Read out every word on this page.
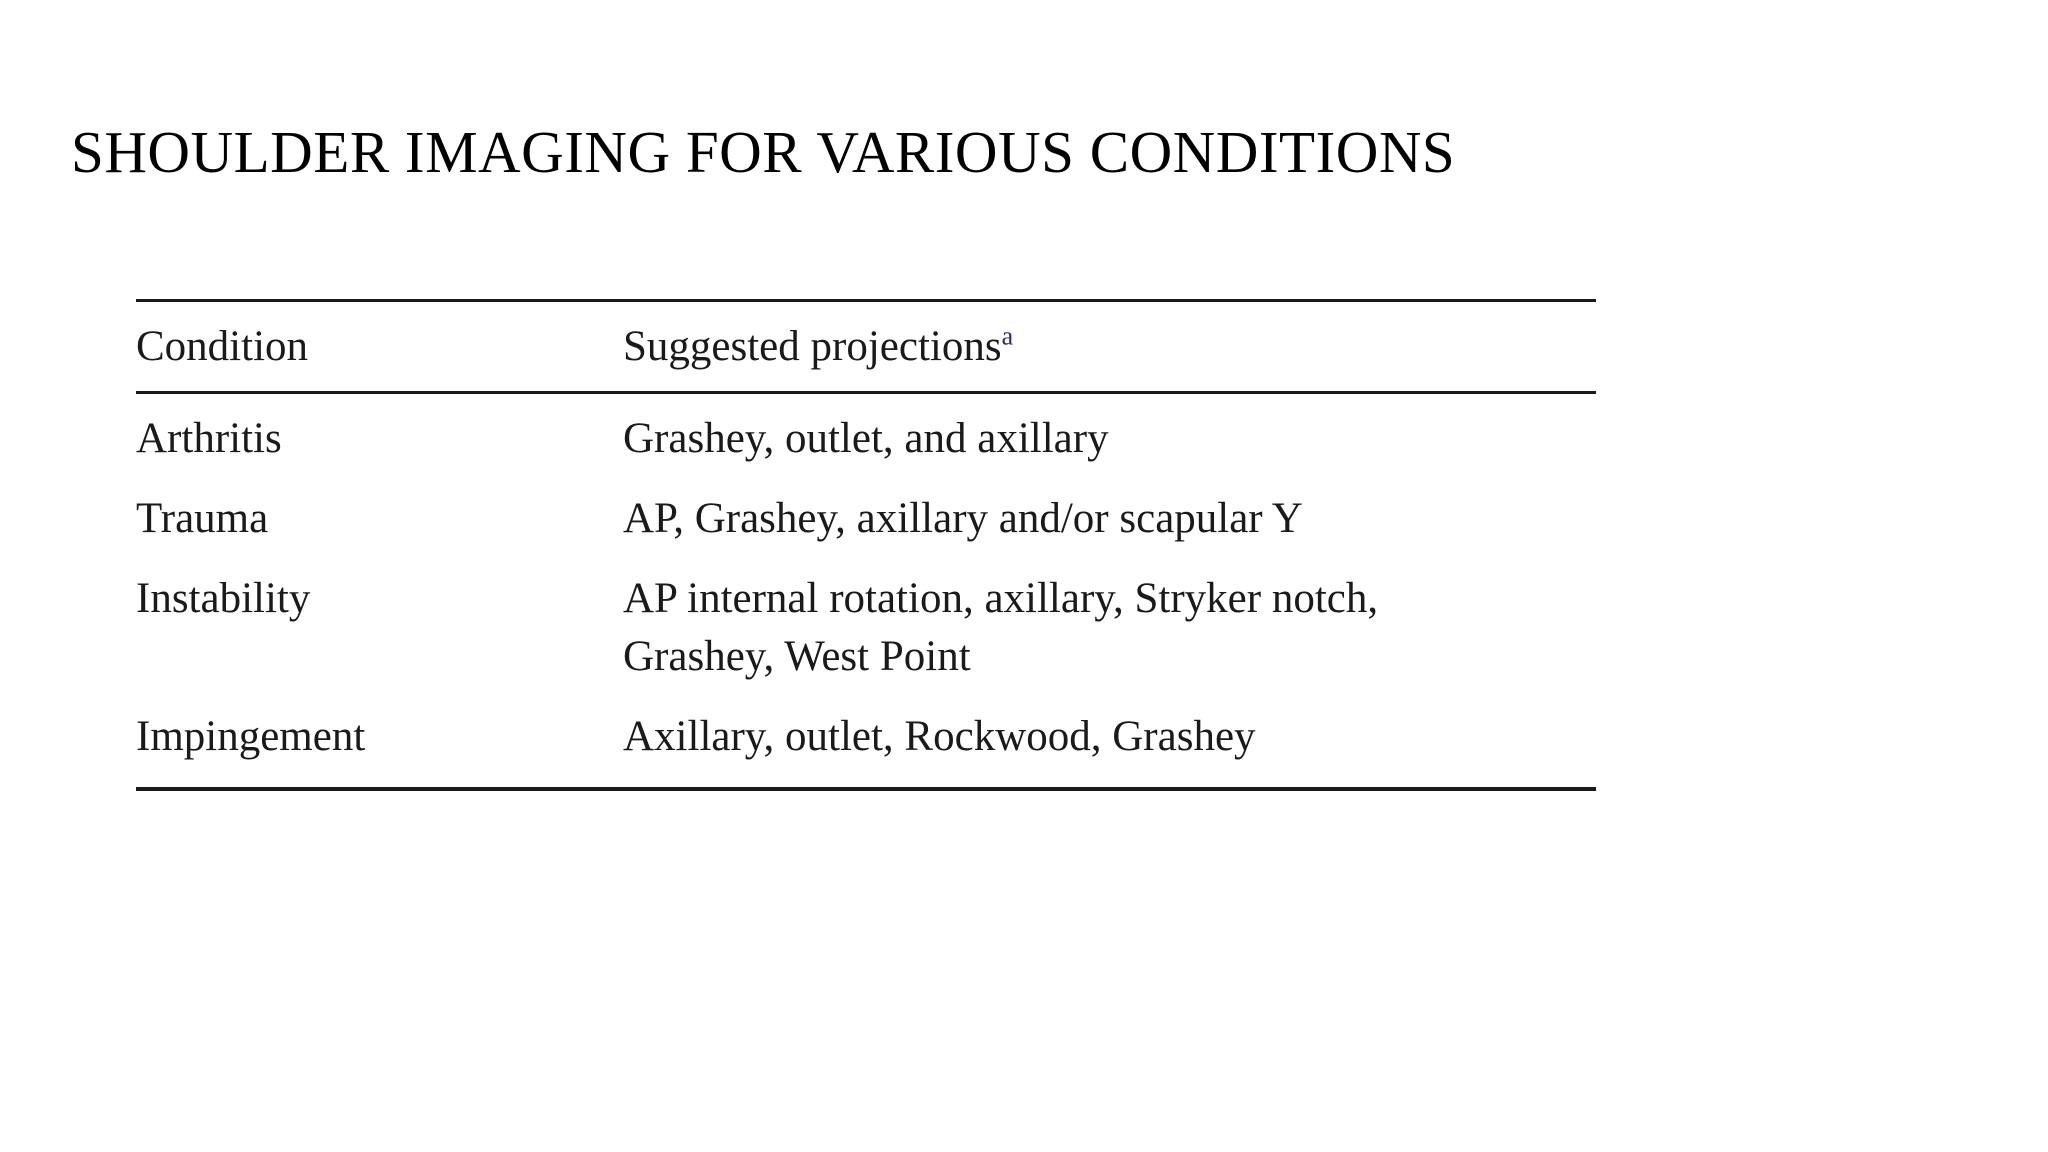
SHOULDER IMAGING FOR VARIOUS CONDITIONS
Condition	Suggested projections$^a$
Arthritis	Grashey, outlet, and axillary

Trauma	AP, Grashey, axillary and/or scapular Y

Instability	AP internal rotation, axillary, Stryker notch,
Grashey, West Point

Impingement	Axillary, outlet, Rockwood, Grashey
